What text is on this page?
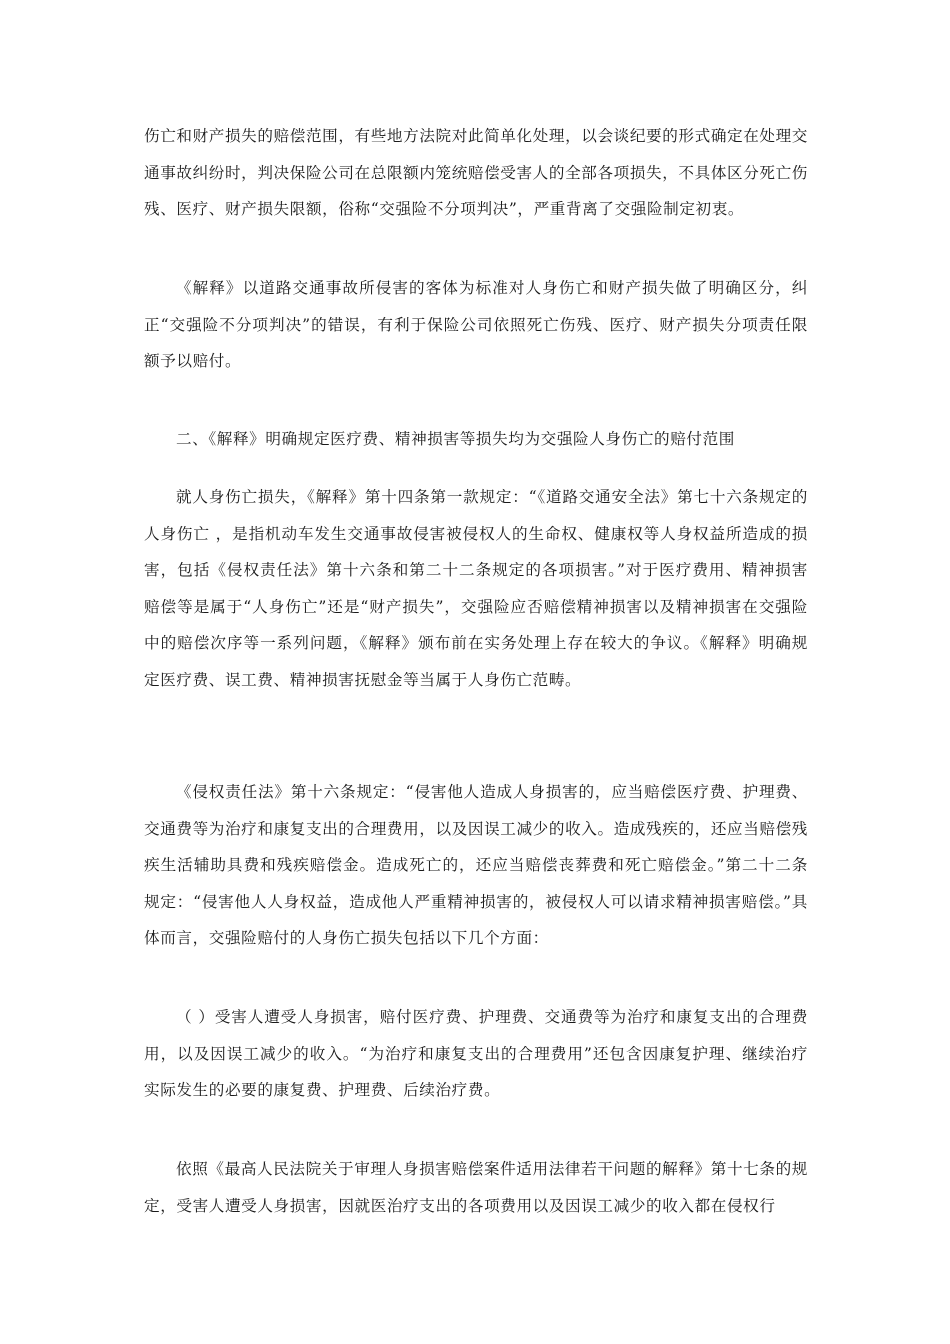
伤亡和财产损失的赔偿范围，有些地方法院对此简单化处理，以会谈纪要的形式确定在处理交通事故纠纷时，判决保险公司在总限额内笼统赔偿受害人的全部各项损失，不具体区分死亡伤残、医疗、财产损失限额，俗称“交强险不分项判决”，严重背离了交强险制定初衷。
《解释》以道路交通事故所侵害的客体为标准对人身伤亡和财产损失做了明确区分，纠正“交强险不分项判决”的错误，有利于保险公司依照死亡伤残、医疗、财产损失分项责任限额予以赔付。
二、《解释》明确规定医疗费、精神损害等损失均为交强险人身伤亡的赔付范围
就人身伤亡损失，《解释》第十四条第一款规定：“《道路交通安全法》第七十六条规定的 人身伤亡 ，是指机动车发生交通事故侵害被侵权人的生命权、健康权等人身权益所造成的损害，包括《侵权责任法》第十六条和第二十二条规定的各项损害。”对于医疗费用、精神损害赔偿等是属于“人身伤亡”还是“财产损失”，交强险应否赔偿精神损害以及精神损害在交强险中的赔偿次序等一系列问题，《解释》颁布前在实务处理上存在较大的争议。《解释》明确规定医疗费、误工费、精神损害抚慰金等当属于人身伤亡范畴。
《侵权责任法》第十六条规定：“侵害他人造成人身损害的，应当赔偿医疗费、护理费、交通费等为治疗和康复支出的合理费用，以及因误工减少的收入。造成残疾的，还应当赔偿残疾生活辅助具费和残疾赔偿金。造成死亡的，还应当赔偿丧葬费和死亡赔偿金。”第二十二条规定：“侵害他人人身权益，造成他人严重精神损害的，被侵权人可以请求精神损害赔偿。”具体而言，交强险赔付的人身伤亡损失包括以下几个方面：
（ ）受害人遭受人身损害，赔付医疗费、护理费、交通费等为治疗和康复支出的合理费用，以及因误工减少的收入。“为治疗和康复支出的合理费用”还包含因康复护理、继续治疗实际发生的必要的康复费、护理费、后续治疗费。
依照《最高人民法院关于审理人身损害赔偿案件适用法律若干问题的解释》第十七条的规定，受害人遭受人身损害，因就医治疗支出的各项费用以及因误工减少的收入都在侵权行
